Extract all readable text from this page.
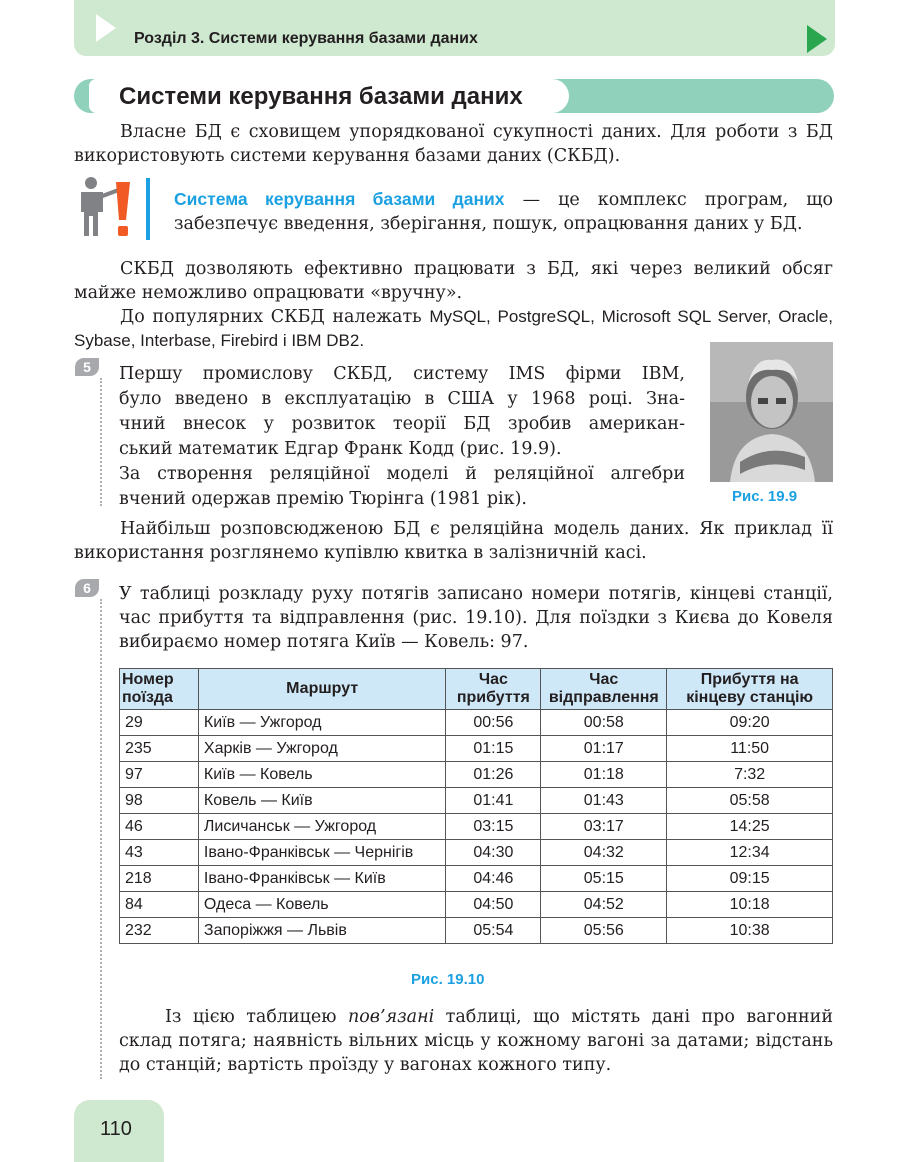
Розділ 3. Системи керування базами даних
Системи керування базами даних

Власне БД є сховищем упорядкованої сукупності даних. Для роботи з БД використовують системи керування базами даних (СКБД).

Система керування базами даних — це комплекс програм, що забезпечує введення, зберігання, пошук, опрацювання даних у БД.

СКБД дозволяють ефективно працювати з БД, які через великий обсяг майже неможливо опрацювати «вручну».

До популярних СКБД належать MySQL, PostgreSQL, Microsoft SQL Server, Oracle, Sybase, Interbase, Firebird і IBM DB2.

5	Першу промислову СКБД, систему IMS фірми IBM,
було введено в експлуатацію в США у 1968 році. Зна-
чний внесок у розвиток теорії БД зробив американ-
ський математик Едгар Франк Кодд (рис. 19.9).
За створення реляційної моделі й реляційної алгебри
вчений одержав премію Тюрінга (1981 рік).	Рис. 19.9

Найбільш розповсюдженою БД є реляційна модель даних. Як приклад її використання розглянемо купівлю квитка в залізничній касі.

6	У таблиці розкладу руху потягів записано номери потягів, кінцеві станції, час прибуття та відправлення (рис. 19.10). Для поїздки з Києва до Ковеля вибираємо номер потяга Київ — Ковель: 97.

Номер поїзда	Маршрут	Час прибуття	Час відправлення	Прибуття на кінцеву станцію
29	Київ — Ужгород	00:56	00:58	09:20
235	Харків — Ужгород	01:15	01:17	11:50
97	Київ — Ковель	01:26	01:18	7:32
98	Ковель — Київ	01:41	01:43	05:58
46	Лисичанськ — Ужгород	03:15	03:17	14:25
43	Івано-Франківськ — Чернігів	04:30	04:32	12:34
218	Івано-Франківськ — Київ	04:46	05:15	09:15
84	Одеса — Ковель	04:50	04:52	10:18
232	Запоріжжя — Львів	05:54	05:56	10:38
Рис. 19.10

Із цією таблицею пов’язані таблиці, що містять дані про вагонний склад потяга; наявність вільних місць у кожному вагоні за датами; відстань до станцій; вартість проїзду у вагонах кожного типу.

110
